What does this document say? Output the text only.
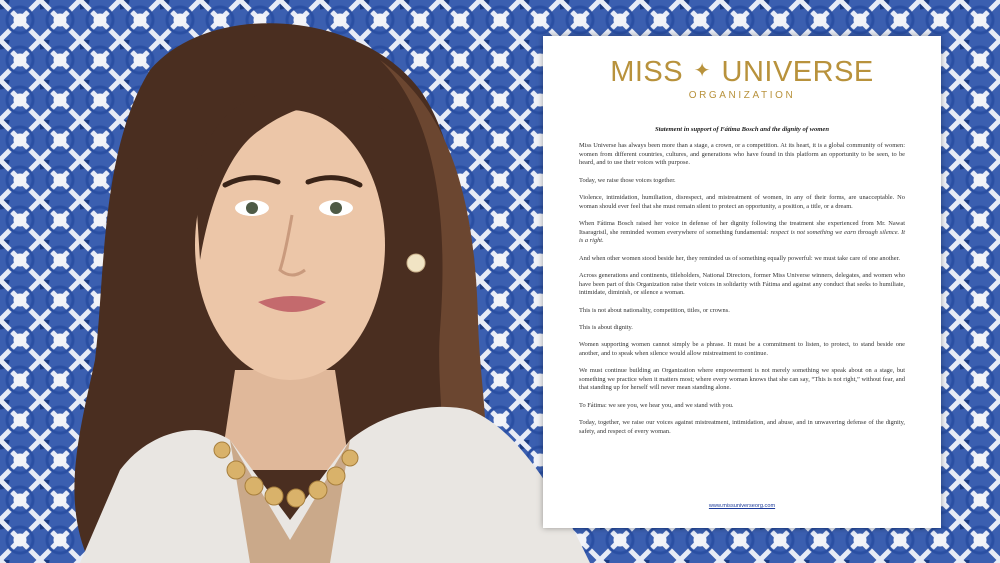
MISS ✦ UNIVERSE
ORGANIZATION
Statement in support of Fátima Bosch and the dignity of women

Miss Universe has always been more than a stage, a crown, or a competition. At its heart, it is a global community of women: women from different countries, cultures, and generations who have found in this platform an opportunity to be seen, to be heard, and to use their voices with purpose.

Today, we raise those voices together.

Violence, intimidation, humiliation, disrespect, and mistreatment of women, in any of their forms, are unacceptable. No woman should ever feel that she must remain silent to protect an opportunity, a position, a title, or a dream.

When Fátima Bosch raised her voice in defense of her dignity following the treatment she experienced from Mr. Nawat Itsaragrisil, she reminded women everywhere of something fundamental: respect is not something we earn through silence. It is a right.

And when other women stood beside her, they reminded us of something equally powerful: we must take care of one another.

Across generations and continents, titleholders, National Directors, former Miss Universe winners, delegates, and women who have been part of this Organization raise their voices in solidarity with Fátima and against any conduct that seeks to humiliate, intimidate, diminish, or silence a woman.

This is not about nationality, competition, titles, or crowns.

This is about dignity.

Women supporting women cannot simply be a phrase. It must be a commitment to listen, to protect, to stand beside one another, and to speak when silence would allow mistreatment to continue.

We must continue building an Organization where empowerment is not merely something we speak about on a stage, but something we practice when it matters most; where every woman knows that she can say, “This is not right,” without fear, and that standing up for herself will never mean standing alone.

To Fátima: we see you, we hear you, and we stand with you.

Today, together, we raise our voices against mistreatment, intimidation, and abuse, and in unwavering defense of the dignity, safety, and respect of every woman.

www.missuniverseorg.com
